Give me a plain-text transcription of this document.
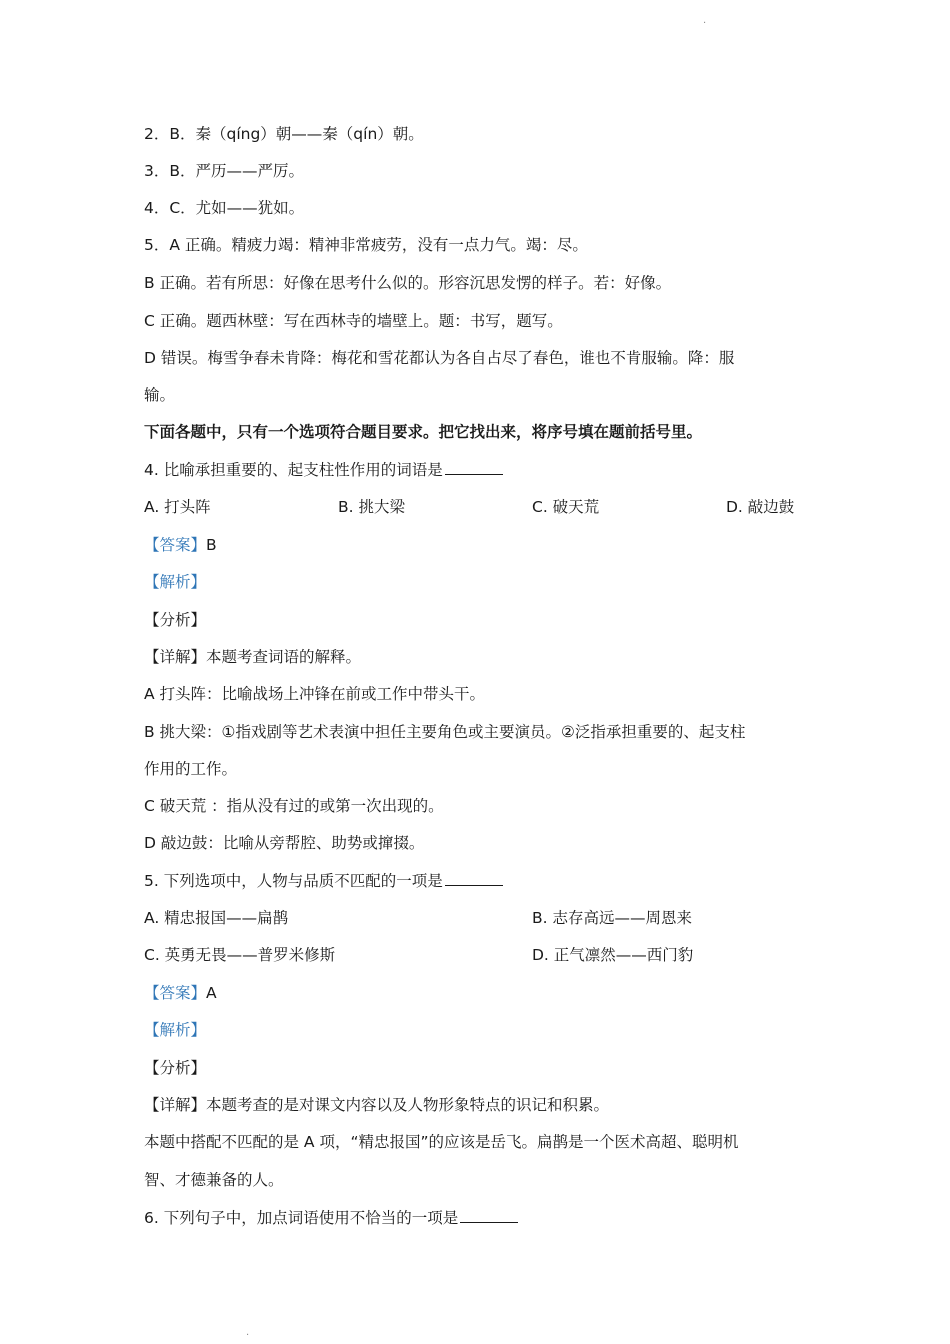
·
2．B．秦（qíng）朝——秦（qín）朝。
3．B．严历——严厉。
4．C．尤如——犹如。
5．A 正确。精疲力竭：精神非常疲劳，没有一点力气。竭：尽。
B 正确。若有所思：好像在思考什么似的。形容沉思发愣的样子。若：好像。
C 正确。题西林壁：写在西林寺的墙壁上。题：书写，题写。
D 错误。梅雪争春未肯降：梅花和雪花都认为各自占尽了春色，谁也不肯服输。降：服
输。
下面各题中，只有一个选项符合题目要求。把它找出来，将序号填在题前括号里。
4. 比喻承担重要的、起支柱性作用的词语是
A. 打头阵	B. 挑大梁	C. 破天荒	D. 敲边鼓
【答案】B
【解析】
【分析】
【详解】本题考查词语的解释。
A 打头阵：比喻战场上冲锋在前或工作中带头干。
B 挑大梁：①指戏剧等艺术表演中担任主要角色或主要演员。②泛指承担重要的、起支柱
作用的工作。
C 破天荒 ：指从没有过的或第一次出现的。
D 敲边鼓：比喻从旁帮腔、助势或撺掇。
5. 下列选项中，人物与品质不匹配的一项是
A. 精忠报国——扁鹊	B. 志存高远——周恩来
C. 英勇无畏——普罗米修斯	D. 正气凛然——西门豹
【答案】A
【解析】
【分析】
【详解】本题考查的是对课文内容以及人物形象特点的识记和积累。
本题中搭配不匹配的是 A 项，“精忠报国”的应该是岳飞。扁鹊是一个医术高超、聪明机
智、才德兼备的人。
6. 下列句子中，加点词语使用不恰当的一项是
·
